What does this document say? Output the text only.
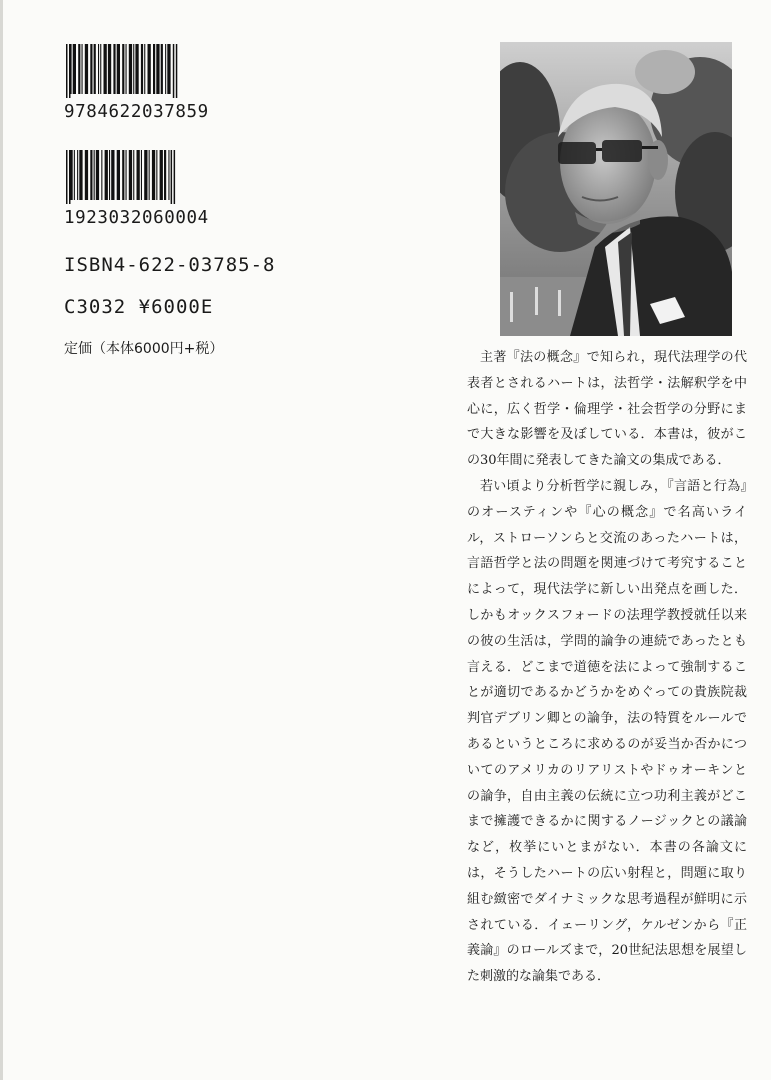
9784622037859
1923032060004
ISBN4-622-03785-8
C3032 ¥6000E
定価（本体6000円+税）

主著『法の概念』で知られ，現代法理学の代表者とされるハートは，法哲学・法解釈学を中心に，広く哲学・倫理学・社会哲学の分野にまで大きな影響を及ぼしている．本書は，彼がこの30年間に発表してきた論文の集成である．

若い頃より分析哲学に親しみ，『言語と行為』のオースティンや『心の概念』で名高いライル，ストローソンらと交流のあったハートは，言語哲学と法の問題を関連づけて考究することによって，現代法学に新しい出発点を画した．しかもオックスフォードの法理学教授就任以来の彼の生活は，学問的論争の連続であったとも言える．どこまで道徳を法によって強制することが適切であるかどうかをめぐっての貴族院裁判官デブリン卿との論争，法の特質をルールであるというところに求めるのが妥当か否かについてのアメリカのリアリストやドゥオーキンとの論争，自由主義の伝統に立つ功利主義がどこまで擁護できるかに関するノージックとの議論など，枚挙にいとまがない．本書の各論文には，そうしたハートの広い射程と，問題に取り組む緻密でダイナミックな思考過程が鮮明に示されている．イェーリング，ケルゼンから『正義論』のロールズまで，20世紀法思想を展望した刺激的な論集である．
